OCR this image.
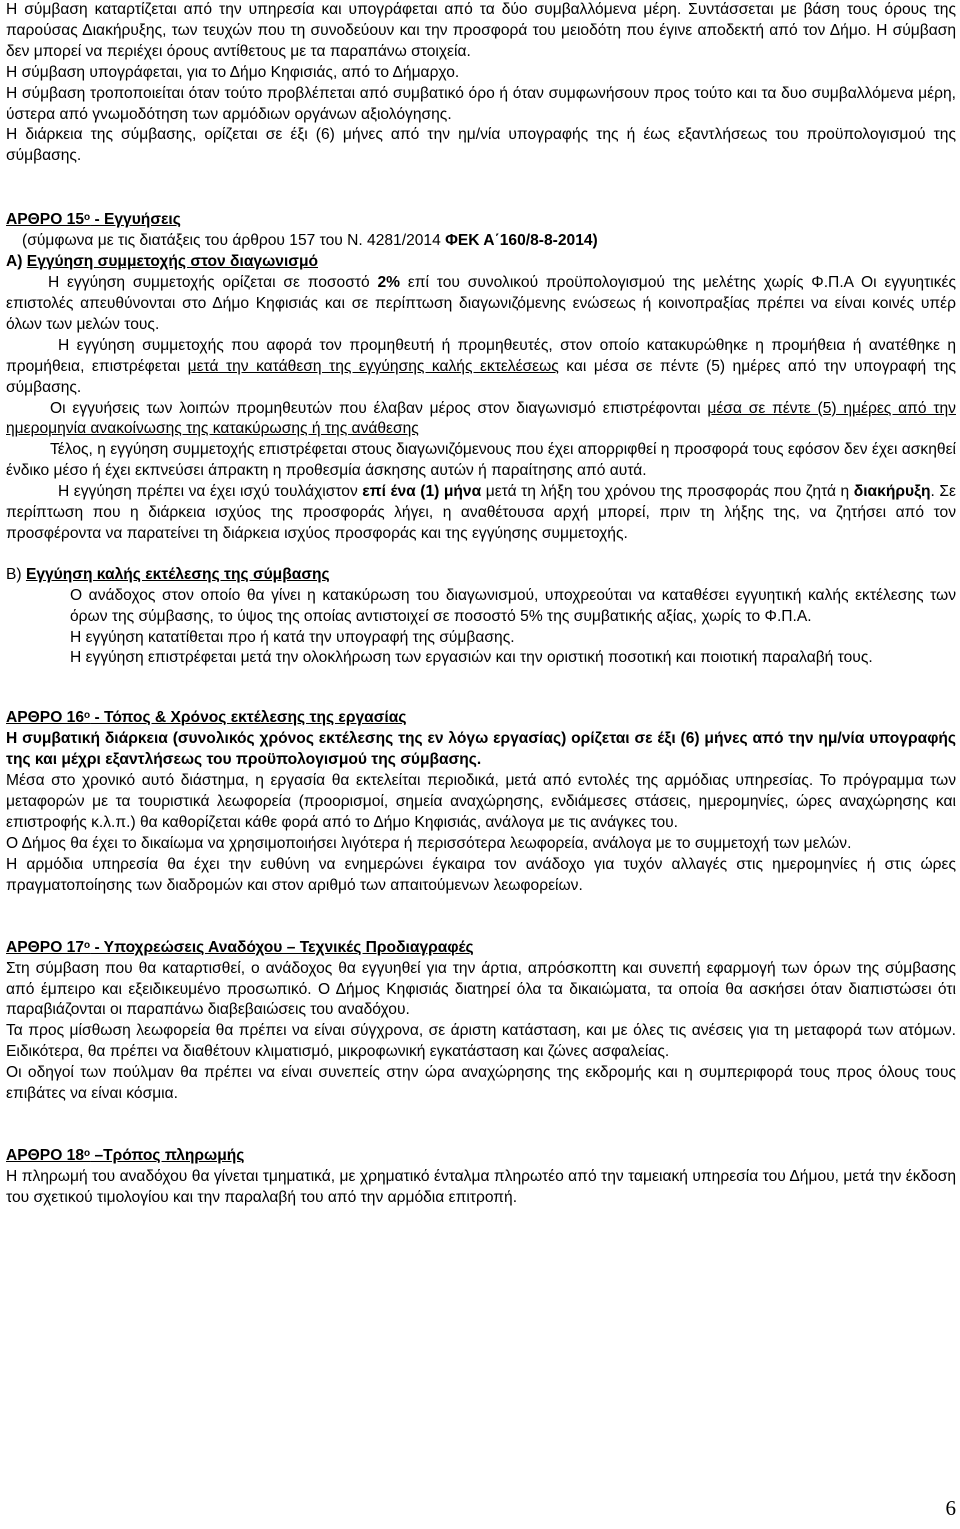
Η σύμβαση καταρτίζεται από την υπηρεσία και υπογράφεται από τα δύο συμβαλλόμενα μέρη. Συντάσσεται με βάση τους όρους της παρούσας Διακήρυξης, των τευχών που τη συνοδεύουν και την προσφορά του μειοδότη που έγινε αποδεκτή από τον Δήμο. Η σύμβαση δεν μπορεί να περιέχει όρους αντίθετους με τα παραπάνω στοιχεία.

Η σύμβαση υπογράφεται, για το Δήμο Κηφισιάς, από το Δήμαρχο.

Η σύμβαση τροποποιείται όταν τούτο προβλέπεται από συμβατικό όρο ή όταν συμφωνήσουν προς τούτο και τα δυο συμβαλλόμενα μέρη, ύστερα από γνωμοδότηση των αρμόδιων οργάνων αξιολόγησης.

Η διάρκεια της σύμβασης, ορίζεται σε έξι (6) μήνες από την ημ/νία υπογραφής της ή έως εξαντλήσεως του προϋπολογισμού της σύμβασης.

ΑΡΘΡΟ $15^o$ - Εγγυήσεις

(σύμφωνα με τις διατάξεις του άρθρου 157 του Ν. 4281/2014 ΦΕΚ Α΄160/8-8-2014)

Α) Εγγύηση συμμετοχής στον διαγωνισμό

Η εγγύηση συμμετοχής ορίζεται σε ποσοστό 2% επί του συνολικού προϋπολογισμού της μελέτης χωρίς Φ.Π.Α Οι εγγυητικές επιστολές απευθύνονται στο Δήμο Κηφισιάς και σε περίπτωση διαγωνιζόμενης ενώσεως ή κοινοπραξίας πρέπει να είναι κοινές υπέρ όλων των μελών τους.

Η εγγύηση συμμετοχής που αφορά τον προμηθευτή ή προμηθευτές, στον οποίο κατακυρώθηκε η προμήθεια ή ανατέθηκε η προμήθεια, επιστρέφεται μετά την κατάθεση της εγγύησης καλής εκτελέσεως και μέσα σε πέντε (5) ημέρες από την υπογραφή της σύμβασης.

Οι εγγυήσεις των λοιπών προμηθευτών που έλαβαν μέρος στον διαγωνισμό επιστρέφονται μέσα σε πέντε (5) ημέρες από την ημερομηνία ανακοίνωσης της κατακύρωσης ή της ανάθεσης

Τέλος, η εγγύηση συμμετοχής επιστρέφεται στους διαγωνιζόμενους που έχει απορριφθεί η προσφορά τους εφόσον δεν έχει ασκηθεί ένδικο μέσο ή έχει εκπνεύσει άπρακτη η προθεσμία άσκησης αυτών ή παραίτησης από αυτά.

Η εγγύηση πρέπει να έχει ισχύ τουλάχιστον επί ένα (1) μήνα μετά τη λήξη του χρόνου της προσφοράς που ζητά η διακήρυξη. Σε περίπτωση που η διάρκεια ισχύος της προσφοράς λήγει, η αναθέτουσα αρχή μπορεί, πριν τη λήξης της, να ζητήσει από τον προσφέροντα να παρατείνει τη διάρκεια ισχύος προσφοράς και της εγγύησης συμμετοχής.

Β) Εγγύηση καλής εκτέλεσης της σύμβασης

Ο ανάδοχος στον οποίο θα γίνει η κατακύρωση του διαγωνισμού, υποχρεούται να καταθέσει εγγυητική καλής εκτέλεσης των όρων της σύμβασης, το ύψος της οποίας αντιστοιχεί σε ποσοστό 5% της συμβατικής αξίας, χωρίς το Φ.Π.Α.

Η εγγύηση κατατίθεται προ ή κατά την υπογραφή της σύμβασης.

Η εγγύηση επιστρέφεται μετά την ολοκλήρωση των εργασιών και την οριστική ποσοτική και ποιοτική παραλαβή τους.

ΑΡΘΡΟ $16^o$ - Τόπος & Χρόνος εκτέλεσης της εργασίας

Η συμβατική διάρκεια (συνολικός χρόνος εκτέλεσης της εν λόγω εργασίας) ορίζεται σε έξι (6) μήνες από την ημ/νία υπογραφής της και μέχρι εξαντλήσεως του προϋπολογισμού της σύμβασης.

Μέσα στο χρονικό αυτό διάστημα, η εργασία θα εκτελείται περιοδικά, μετά από εντολές της αρμόδιας υπηρεσίας. Το πρόγραμμα των μεταφορών με τα τουριστικά λεωφορεία (προορισμοί, σημεία αναχώρησης, ενδιάμεσες στάσεις, ημερομηνίες, ώρες αναχώρησης και επιστροφής κ.λ.π.) θα καθορίζεται κάθε φορά από το Δήμο Κηφισιάς, ανάλογα με τις ανάγκες του.

Ο Δήμος θα έχει το δικαίωμα να χρησιμοποιήσει λιγότερα ή περισσότερα λεωφορεία, ανάλογα με το συμμετοχή των μελών.

Η αρμόδια υπηρεσία θα έχει την ευθύνη να ενημερώνει έγκαιρα τον ανάδοχο για τυχόν αλλαγές στις ημερομηνίες ή στις ώρες πραγματοποίησης των διαδρομών και στον αριθμό των απαιτούμενων λεωφορείων.

ΑΡΘΡΟ $17^o$ - Υποχρεώσεις Αναδόχου – Τεχνικές Προδιαγραφές

Στη σύμβαση που θα καταρτισθεί, ο ανάδοχος θα εγγυηθεί για την άρτια, απρόσκοπτη και συνεπή εφαρμογή των όρων της σύμβασης από έμπειρο και εξειδικευμένο προσωπικό. Ο Δήμος Κηφισιάς διατηρεί όλα τα δικαιώματα, τα οποία θα ασκήσει όταν διαπιστώσει ότι παραβιάζονται οι παραπάνω διαβεβαιώσεις του αναδόχου.

Τα προς μίσθωση λεωφορεία θα πρέπει να είναι σύγχρονα, σε άριστη κατάσταση, και με όλες τις ανέσεις για τη μεταφορά των ατόμων. Ειδικότερα, θα πρέπει να διαθέτουν κλιματισμό, μικροφωνική εγκατάσταση και ζώνες ασφαλείας.

Οι οδηγοί των πούλμαν θα πρέπει να είναι συνεπείς στην ώρα αναχώρησης της εκδρομής και η συμπεριφορά τους προς όλους τους επιβάτες να είναι κόσμια.

ΑΡΘΡΟ $18^o$ –Τρόπος πληρωμής

Η πληρωμή του αναδόχου θα γίνεται τμηματικά, με χρηματικό ένταλμα πληρωτέο από την ταμειακή υπηρεσία του Δήμου, μετά την έκδοση του σχετικού τιμολογίου και την παραλαβή του από την αρμόδια επιτροπή.

6
